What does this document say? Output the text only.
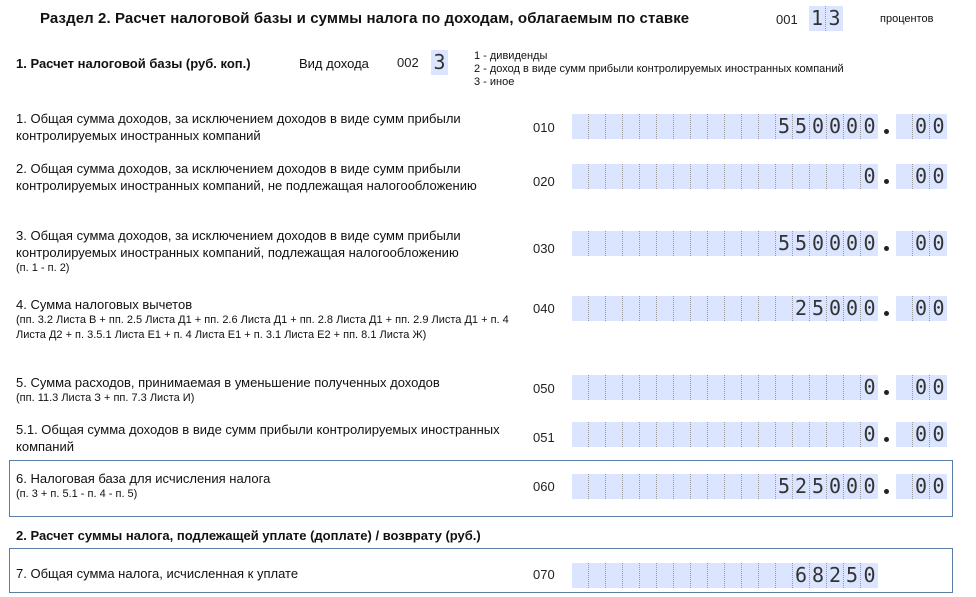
Раздел 2. Расчет налоговой базы и суммы налога по доходам, облагаемым по ставке	001 1 3	процентов
1. Расчет налоговой базы (руб. коп.)	Вид дохода 002 3	1 - дивиденды
2 - доход в виде сумм прибыли контролируемых иностранных компаний
3 - иное
1. Общая сумма доходов, за исключением доходов в виде сумм прибыли контролируемых иностранных компаний
010	5 5 0 0 0 0 0 0
2. Общая сумма доходов, за исключением доходов в виде сумм прибыли контролируемых иностранных компаний, не подлежащая налогообложению	020	0 0 0
3. Общая сумма доходов, за исключением доходов в виде сумм прибыли контролируемых иностранных компаний, подлежащая налогообложению
(п. 1 - п. 2)
030	5 5 0 0 0 0 0 0
4. Сумма налоговых вычетов
(пп. 3.2 Листа В + пп. 2.5 Листа Д1 + пп. 2.6 Листа Д1 + пп. 2.8 Листа Д1 + пп. 2.9 Листа Д1 + п. 4 Листа Д2 + п. 3.5.1 Листа Е1 + п. 4 Листа Е1 + п. 3.1 Листа Е2 + пп. 8.1 Листа Ж)
040	2 5 0 0 0 0 0
5. Сумма расходов, принимаемая в уменьшение полученных доходов
(пп. 11.3 Листа З + пп. 7.3 Листа И)
050	0 0 0
5.1. Общая сумма доходов в виде сумм прибыли контролируемых иностранных компаний
051	0 0 0
6. Налоговая база для исчисления налога
(п. 3 + п. 5.1 - п. 4 - п. 5)	060	5 2 5 0 0 0 0 0
2. Расчет суммы налога, подлежащей уплате (доплате) / возврату (руб.)
7. Общая сумма налога, исчисленная к уплате	070	6 8 2 5 0
